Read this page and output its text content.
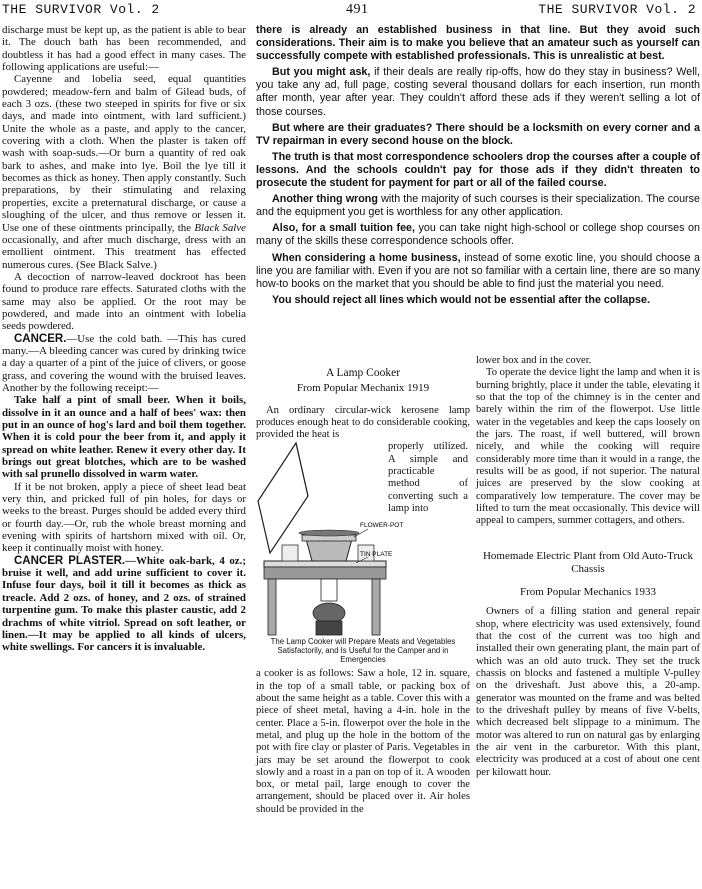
THE SURVIVOR Vol. 2	491	THE SURVIVOR Vol. 2

discharge must be kept up, as the patient is able to bear it. The douch bath has been recommended, and doubtless it has had a good effect in many cases. The following applications are useful:—

Cayenne and lobelia seed, equal quantities powdered; meadow-fern and balm of Gilead buds, of each 3 ozs. (these two steeped in spirits for five or six days, and made into ointment, with lard sufficient.) Unite the whole as a paste, and apply to the cancer, covering with a cloth. When the plaster is taken off wash with soap-suds.—Or burn a quantity of red oak bark to ashes, and make into lye. Boil the lye till it becomes as thick as honey. Then apply constantly. Such preparations, by their stimulating and relaxing properties, excite a preternatural discharge, or cause a sloughing of the ulcer, and thus remove or lessen it. Use one of these ointments principally, the Black Salve occasionally, and after much discharge, dress with an emollient ointment. This treatment has effected numerous cures. (See Black Salve.)

A decoction of narrow-leaved dockroot has been found to produce rare effects. Saturated cloths with the same may also be applied. Or the root may be powdered, and made into an ointment with lobelia seeds powdered.

CANCER.—Use the cold bath. —This has cured many.—A bleeding cancer was cured by drinking twice a day a quarter of a pint of the juice of clivers, or goose grass, and covering the wound with the bruised leaves. Another by the following receipt:—

Take half a pint of small beer. When it boils, dissolve in it an ounce and a half of bees' wax: then put in an ounce of hog's lard and boil them together. When it is cold pour the beer from it, and apply it spread on white leather. Renew it every other day. It brings out great blotches, which are to be washed with sal prunello dissolved in warm water.

If it be not broken, apply a piece of sheet lead beat very thin, and pricked full of pin holes, for days or weeks to the breast. Purges should be added every third or fourth day.—Or, rub the whole breast morning and evening with spirits of hartshorn mixed with oil. Or, keep it continually moist with honey.

CANCER PLASTER.—White oak-bark, 4 oz.; bruise it well, and add urine sufficient to cover it. Infuse four days, boil it till it becomes as thick as treacle. Add 2 ozs. of honey, and 2 ozs. of strained turpentine gum. To make this plaster caustic, add 2 drachms of white vitriol. Spread on soft leather, or linen.—It may be applied to all kinds of ulcers, white swellings. For cancers it is invaluable.

there is already an established business in that line. But they avoid such considerations. Their aim is to make you believe that an amateur such as yourself can successfully compete with established professionals. This is unrealistic at best.

But you might ask, if their deals are really rip-offs, how do they stay in business? Well, you take any ad, full page, costing several thousand dollars for each insertion, run month after month, year after year. They couldn't afford these ads if they weren't selling a lot of those courses.

But where are their graduates? There should be a locksmith on every corner and a TV repairman in every second house on the block.

The truth is that most correspondence schoolers drop the courses after a couple of lessons. And the schools couldn't pay for those ads if they didn't threaten to prosecute the student for payment for part or all of the failed course.

Another thing wrong with the majority of such courses is their specialization. The course and the equipment you get is worthless for any other application.

Also, for a small tuition fee, you can take night high-school or college shop courses on many of the skills these correspondence schools offer.

When considering a home business, instead of some exotic line, you should choose a line you are familiar with. Even if you are not so familiar with a certain line, there are so many how-to books on the market that you should be able to find just the material you need.

You should reject all lines which would not be essential after the collapse.

A Lamp Cooker
From Popular Mechanix 1919

An ordinary circular-wick kerosene lamp produces enough heat to do considerable cooking, provided the heat is

FLOWER-POT
TIN PLATE

properly utilized. A simple and practicable method of converting such a lamp into

The Lamp Cooker will Prepare Meats and Vegetables Satisfactorily, and Is Useful for the Camper and in Emergencies

a cooker is as follows: Saw a hole, 12 in. square, in the top of a small table, or packing box of about the same height as a table. Cover this with a piece of sheet metal, having a 4-in. hole in the center. Place a 5-in. flowerpot over the hole in the metal, and plug up the hole in the bottom of the pot with fire clay or plaster of Paris. Vegetables in jars may be set around the flowerpot to cook slowly and a roast in a pan on top of it. A wooden box, or metal pail, large enough to cover the arrangement, should be placed over it. Air holes should be provided in the

lower box and in the cover.

To operate the device light the lamp and when it is burning brightly, place it under the table, elevating it so that the top of the chimney is in the center and barely within the rim of the flowerpot. Use little water in the vegetables and keep the caps loosely on the jars. The roast, if well buttered, will brown nicely, and while the cooking will require considerably more time than it would in a range, the results will be as good, if not superior. The natural juices are preserved by the slow cooking at comparatively low temperature. The cover may be lifted to turn the meat occasionally. This device will appeal to campers, summer cottagers, and others.

Homemade Electric Plant from Old Auto-Truck Chassis
From Popular Mechanics 1933

Owners of a filling station and general repair shop, where electricity was used extensively, found that the cost of the current was too high and installed their own generating plant, the main part of which was an old auto truck. They set the truck chassis on blocks and fastened a multiple V-pulley on the driveshaft. Just above this, a 20-amp. generator was mounted on the frame and was belted to the driveshaft pulley by means of five V-belts, which decreased belt slippage to a minimum. The motor was altered to run on natural gas by enlarging the air vent in the carburetor. With this plant, electricity was produced at a cost of about one cent per kilowatt hour.
